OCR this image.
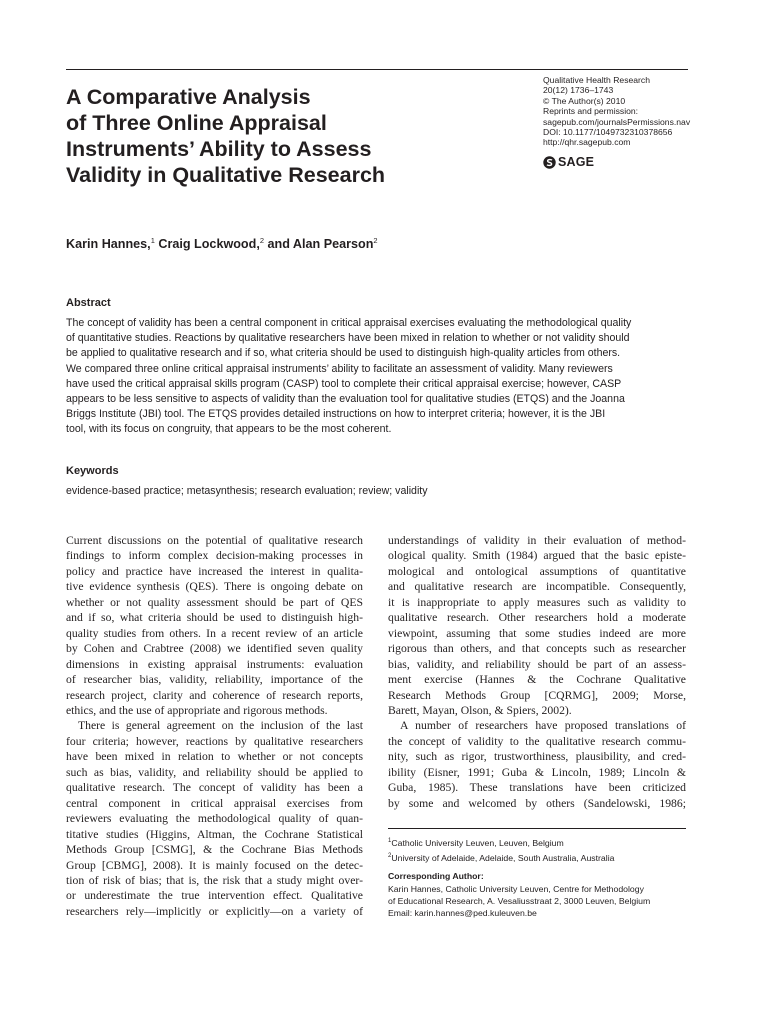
A Comparative Analysis
of Three Online Appraisal
Instruments’ Ability to Assess
Validity in Qualitative Research
Qualitative Health Research
20(12) 1736–1743
© The Author(s) 2010
Reprints and permission:
sagepub.com/journalsPermissions.nav
DOI: 10.1177/1049732310378656
http://qhr.sagepub.com
SAGE
Karin Hannes,$^1$ Craig Lockwood,$^2$ and Alan Pearson$^2$
Abstract
The concept of validity has been a central component in critical appraisal exercises evaluating the methodological quality
of quantitative studies. Reactions by qualitative researchers have been mixed in relation to whether or not validity should
be applied to qualitative research and if so, what criteria should be used to distinguish high-quality articles from others.
We compared three online critical appraisal instruments’ ability to facilitate an assessment of validity. Many reviewers
have used the critical appraisal skills program (CASP) tool to complete their critical appraisal exercise; however, CASP
appears to be less sensitive to aspects of validity than the evaluation tool for qualitative studies (ETQS) and the Joanna
Briggs Institute (JBI) tool. The ETQS provides detailed instructions on how to interpret criteria; however, it is the JBI
tool, with its focus on congruity, that appears to be the most coherent.
Keywords
evidence-based practice; metasynthesis; research evaluation; review; validity
Current discussions on the potential of qualitative research
findings to inform complex decision-making processes in
policy and practice have increased the interest in qualita-
tive evidence synthesis (QES). There is ongoing debate on
whether or not quality assessment should be part of QES
and if so, what criteria should be used to distinguish high-
quality studies from others. In a recent review of an article
by Cohen and Crabtree (2008) we identified seven quality
dimensions in existing appraisal instruments: evaluation
of researcher bias, validity, reliability, importance of the
research project, clarity and coherence of research reports,
ethics, and the use of appropriate and rigorous methods.
There is general agreement on the inclusion of the last
four criteria; however, reactions by qualitative researchers
have been mixed in relation to whether or not concepts
such as bias, validity, and reliability should be applied to
qualitative research. The concept of validity has been a
central component in critical appraisal exercises from
reviewers evaluating the methodological quality of quan-
titative studies (Higgins, Altman, the Cochrane Statistical
Methods Group [CSMG], & the Cochrane Bias Methods
Group [CBMG], 2008). It is mainly focused on the detec-
tion of risk of bias; that is, the risk that a study might over-
or underestimate the true intervention effect. Qualitative
researchers rely—implicitly or explicitly—on a variety of
understandings of validity in their evaluation of method-
ological quality. Smith (1984) argued that the basic episte-
mological and ontological assumptions of quantitative
and qualitative research are incompatible. Consequently,
it is inappropriate to apply measures such as validity to
qualitative research. Other researchers hold a moderate
viewpoint, assuming that some studies indeed are more
rigorous than others, and that concepts such as researcher
bias, validity, and reliability should be part of an assess-
ment exercise (Hannes & the Cochrane Qualitative
Research Methods Group [CQRMG], 2009; Morse,
Barett, Mayan, Olson, & Spiers, 2002).
A number of researchers have proposed translations of
the concept of validity to the qualitative research commu-
nity, such as rigor, trustworthiness, plausibility, and cred-
ibility (Eisner, 1991; Guba & Lincoln, 1989; Lincoln &
Guba, 1985). These translations have been criticized
by some and welcomed by others (Sandelowski, 1986;
$^1$Catholic University Leuven, Leuven, Belgium
$^2$University of Adelaide, Adelaide, South Australia, Australia
Corresponding Author:
Karin Hannes, Catholic University Leuven, Centre for Methodology
of Educational Research, A. Vesaliusstraat 2, 3000 Leuven, Belgium
Email: karin.hannes@ped.kuleuven.be
